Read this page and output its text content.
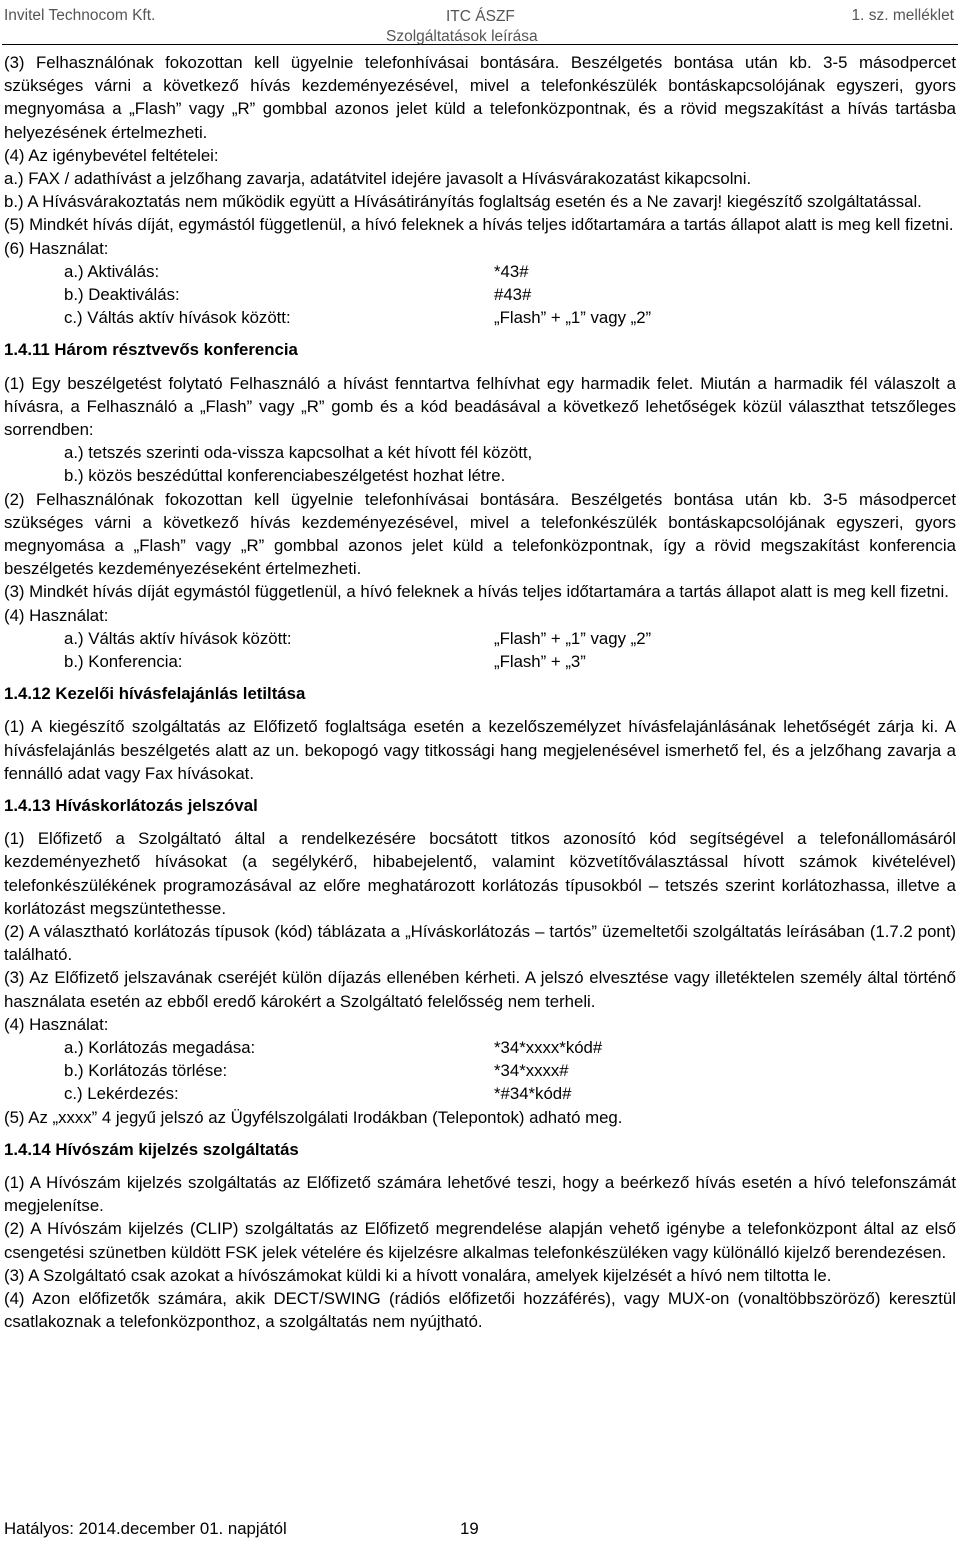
Invitel Technocom Kft.	ITC ÁSZF
Szolgáltatások leírása
1. sz. melléklet

(3) Felhasználónak fokozottan kell ügyelnie telefonhívásai bontására. Beszélgetés bontása után kb. 3-5 másodpercet szükséges várni a következő hívás kezdeményezésével, mivel a telefonkészülék bontáskapcsolójának egyszeri, gyors megnyomása a „Flash” vagy „R” gombbal azonos jelet küld a telefonközpontnak, és a rövid megszakítást a hívás tartásba helyezésének értelmezheti.

(4) Az igénybevétel feltételei:

a.) FAX / adathívást a jelzőhang zavarja, adatátvitel idejére javasolt a Hívásvárakozatást kikapcsolni.

b.) A Hívásvárakoztatás nem működik együtt a Hívásátirányítás foglaltság esetén és a Ne zavarj! kiegészítő szolgáltatással.

(5) Mindkét hívás díját, egymástól függetlenül, a hívó feleknek a hívás teljes időtartamára a tartás állapot alatt is meg kell fizetni.

(6) Használat:

a.) Aktiválás:	*43#
b.) Deaktiválás:	#43#
c.) Váltás aktív hívások között:	„Flash” + „1” vagy „2”
1.4.11 Három résztvevős konferencia

(1) Egy beszélgetést folytató Felhasználó a hívást fenntartva felhívhat egy harmadik felet. Miután a harmadik fél válaszolt a hívásra, a Felhasználó a „Flash” vagy „R” gomb és a kód beadásával a következő lehetőségek közül választhat tetszőleges sorrendben:

a.) tetszés szerinti oda-vissza kapcsolhat a két hívott fél között,

b.) közös beszédúttal konferenciabeszélgetést hozhat létre.

(2) Felhasználónak fokozottan kell ügyelnie telefonhívásai bontására. Beszélgetés bontása után kb. 3-5 másodpercet szükséges várni a következő hívás kezdeményezésével, mivel a telefonkészülék bontáskapcsolójának egyszeri, gyors megnyomása a „Flash” vagy „R” gombbal azonos jelet küld a telefonközpontnak, így a rövid megszakítást konferencia beszélgetés kezdeményezéseként értelmezheti.

(3) Mindkét hívás díját egymástól függetlenül, a hívó feleknek a hívás teljes időtartamára a tartás állapot alatt is meg kell fizetni.

(4) Használat:

a.) Váltás aktív hívások között:	„Flash” + „1” vagy „2”
b.) Konferencia:	„Flash” + „3”
1.4.12 Kezelői hívásfelajánlás letiltása

(1) A kiegészítő szolgáltatás az Előfizető foglaltsága esetén a kezelőszemélyzet hívásfelajánlásának lehetőségét zárja ki. A hívásfelajánlás beszélgetés alatt az un. bekopogó vagy titkossági hang megjelenésével ismerhető fel, és a jelzőhang zavarja a fennálló adat vagy Fax hívásokat.

1.4.13 Híváskorlátozás jelszóval

(1) Előfizető a Szolgáltató által a rendelkezésére bocsátott titkos azonosító kód segítségével a telefonállomásáról kezdeményezhető hívásokat (a segélykérő, hibabejelentő, valamint közvetítőválasztással hívott számok kivételével) telefonkészülékének programozásával az előre meghatározott korlátozás típusokból – tetszés szerint korlátozhassa, illetve a korlátozást megszüntethesse.

(2) A választható korlátozás típusok (kód) táblázata a „Híváskorlátozás – tartós” üzemeltetői szolgáltatás leírásában (1.7.2 pont) található.

(3) Az Előfizető jelszavának cseréjét külön díjazás ellenében kérheti. A jelszó elvesztése vagy illetéktelen személy által történő használata esetén az ebből eredő károkért a Szolgáltató felelősség nem terheli.

(4) Használat:

a.) Korlátozás megadása:	*34*xxxx*kód#
b.) Korlátozás törlése:	*34*xxxx#
c.) Lekérdezés:	*#34*kód#

(5) Az „xxxx” 4 jegyű jelszó az Ügyfélszolgálati Irodákban (Telepontok) adható meg.

1.4.14 Hívószám kijelzés szolgáltatás

(1) A Hívószám kijelzés szolgáltatás az Előfizető számára lehetővé teszi, hogy a beérkező hívás esetén a hívó telefonszámát megjelenítse.

(2) A Hívószám kijelzés (CLIP) szolgáltatás az Előfizető megrendelése alapján vehető igénybe a telefonközpont által az első csengetési szünetben küldött FSK jelek vételére és kijelzésre alkalmas telefonkészüléken vagy különálló kijelző berendezésen.

(3) A Szolgáltató csak azokat a hívószámokat küldi ki a hívott vonalára, amelyek kijelzését a hívó nem tiltotta le.

(4) Azon előfizetők számára, akik DECT/SWING (rádiós előfizetői hozzáférés), vagy MUX-on (vonaltöbbszöröző) keresztül csatlakoznak a telefonközponthoz, a szolgáltatás nem nyújtható.

Hatályos: 2014.december 01. napjától	19
